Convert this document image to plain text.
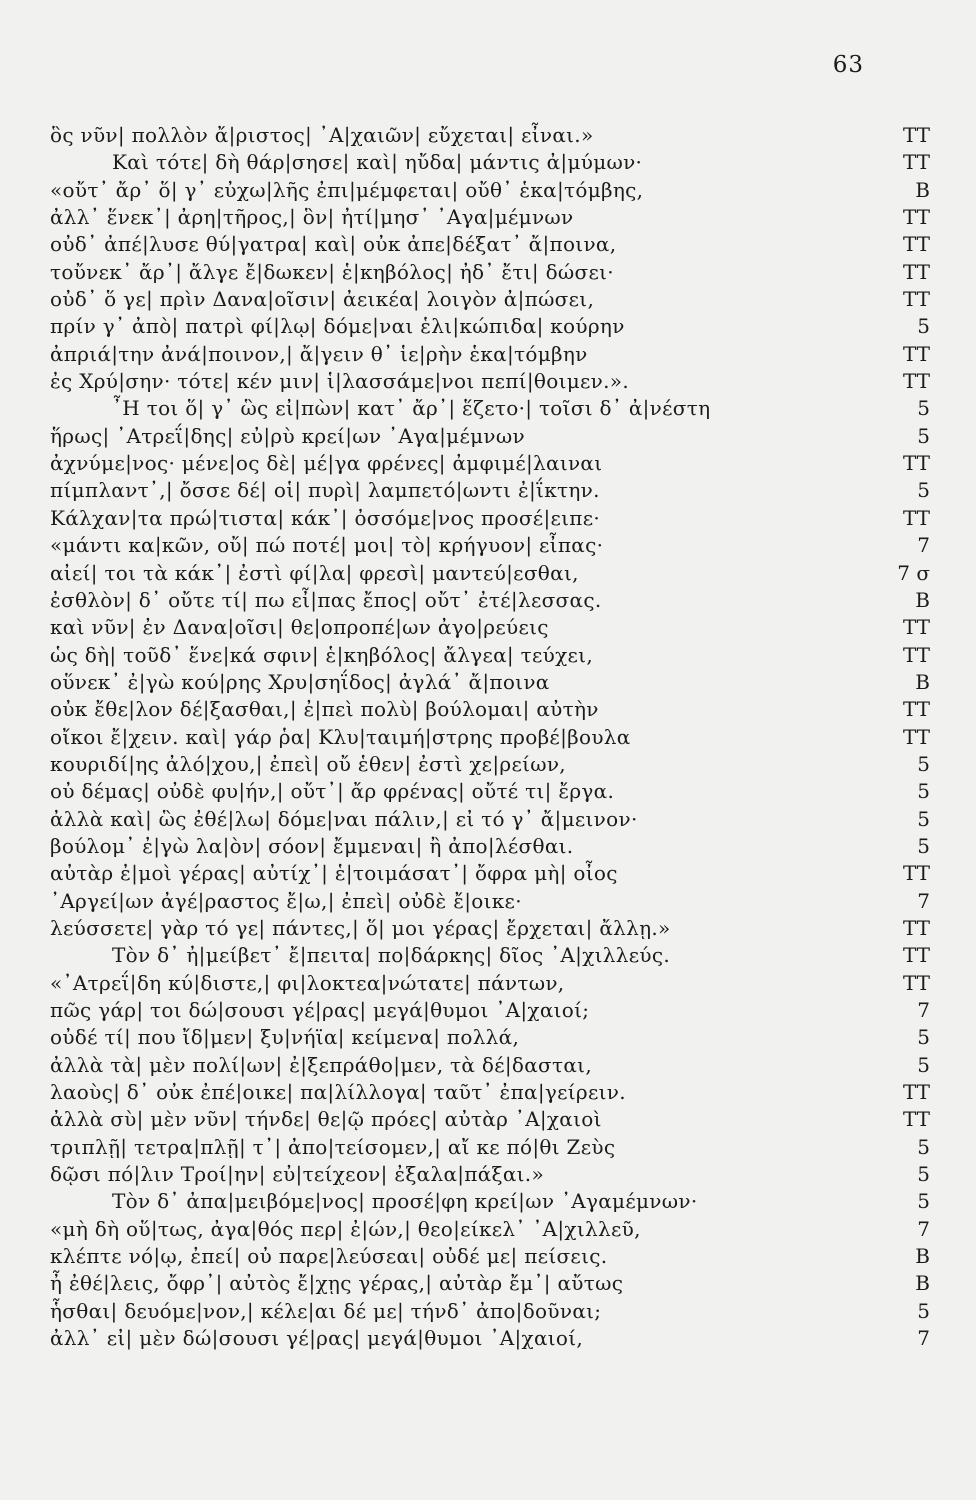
63
ὃς νῦν| πολλὸν ἄ|ριστος| ᾽Α|χαιῶν| εὔχεται| εἶναι.»	TT
Καὶ τότε| δὴ θάρ|σησε| καὶ| ηὔδα| μάντις ἀ|μύμων·	TT
«οὔτ᾽ ἄρ᾽ ὅ| γ᾽ εὐχω|λῆς ἐπι|μέμφεται| οὔθ᾽ ἑκα|τόμβης,	B
ἀλλ᾽ ἕνεκ᾽| ἀρη|τῆρος,| ὃν| ἠτί|μησ᾽ ᾽Αγα|μέμνων	TT
οὐδ᾽ ἀπέ|λυσε θύ|γατρα| καὶ| οὐκ ἀπε|δέξατ᾽ ἄ|ποινα,	TT
τοὔνεκ᾽ ἄρ᾽| ἄλγε ἔ|δωκεν| ἑ|κηβόλος| ἠδ᾽ ἔτι| δώσει·	TT
οὐδ᾽ ὅ γε| πρὶν Δανα|οῖσιν| ἀεικέα| λοιγὸν ἀ|πώσει,	TT
πρίν γ᾽ ἀπὸ| πατρὶ φί|λῳ| δόμε|ναι ἑλι|κώπιδα| κούρην	5
ἀπριά|την ἀνά|ποινον,| ἄ|γειν θ᾽ ἱε|ρὴν ἑκα|τόμβην	TT
ἐς Χρύ|σην· τότε| κέν μιν| ἱ|λασσάμε|νοι πεπί|θοιμεν.».	TT
῏Η τοι ὅ| γ᾽ ὣς εἰ|πὼν| κατ᾽ ἄρ᾽| ἕζετο·| τοῖσι δ᾽ ἀ|νέστη	5
ἥρως| ᾽Ατρεΐ|δης| εὐ|ρὺ κρεί|ων ᾽Αγα|μέμνων	5
ἀχνύμε|νος· μένε|ος δὲ| μέ|γα φρένες| ἀμφιμέ|λαιναι	TT
πίμπλαντ᾽,| ὄσσε δέ| οἱ| πυρὶ| λαμπετό|ωντι ἐ|ΐκτην.	5
Κάλχαν|τα πρώ|τιστα| κάκ᾽| ὀσσόμε|νος προσέ|ειπε·	TT
«μάντι κα|κῶν, οὔ| πώ ποτέ| μοι| τὸ| κρήγυον| εἶπας·	7
αἰεί| τοι τὰ κάκ᾽| ἐστὶ φί|λα| φρεσὶ| μαντεύ|εσθαι,	7 σ
ἐσθλὸν| δ᾽ οὔτε τί| πω εἶ|πας ἔπος| οὔτ᾽ ἐτέ|λεσσας.	B
καὶ νῦν| ἐν Δανα|οῖσι| θε|οπροπέ|ων ἀγο|ρεύεις	TT
ὡς δὴ| τοῦδ᾽ ἕνε|κά σφιν| ἑ|κηβόλος| ἄλγεα| τεύχει,	TT
οὕνεκ᾽ ἐ|γὼ κού|ρης Χρυ|σηΐδος| ἀγλά᾽ ἄ|ποινα	B
οὐκ ἔθε|λον δέ|ξασθαι,| ἐ|πεὶ πολὺ| βούλομαι| αὐτὴν	TT
οἴκοι ἔ|χειν. καὶ| γάρ ῥα| Κλυ|ταιμή|στρης προβέ|βουλα	TT
κουριδί|ης ἀλό|χου,| ἐπεὶ| οὔ ἑθεν| ἐστὶ χε|ρείων,	5
οὐ δέμας| οὐδὲ φυ|ήν,| οὔτ᾽| ἄρ φρένας| οὔτέ τι| ἔργα.	5
ἀλλὰ καὶ| ὣς ἐθέ|λω| δόμε|ναι πάλιν,| εἰ τό γ᾽ ἄ|μεινον·	5
βούλομ᾽ ἐ|γὼ λα|ὸν| σόον| ἔμμεναι| ἢ ἀπο|λέσθαι.	5
αὐτὰρ ἐ|μοὶ γέρας| αὐτίχ᾽| ἑ|τοιμάσατ᾽| ὄφρα μὴ| οἶος	TT
᾽Αργεί|ων ἀγέ|ραστος ἔ|ω,| ἐπεὶ| οὐδὲ ἔ|οικε·	7
λεύσσετε| γὰρ τό γε| πάντες,| ὅ| μοι γέρας| ἔρχεται| ἄλλῃ.»	TT
Τὸν δ᾽ ἠ|μείβετ᾽ ἔ|πειτα| πο|δάρκης| δῖος ᾽Α|χιλλεύς.	TT
«᾽Ατρεΐ|δη κύ|διστε,| φι|λοκτεα|νώτατε| πάντων,	TT
πῶς γάρ| τοι δώ|σουσι γέ|ρας| μεγά|θυμοι ᾽Α|χαιοί;	7
οὐδέ τί| που ἴδ|μεν| ξυ|νήϊα| κείμενα| πολλά,	5
ἀλλὰ τὰ| μὲν πολί|ων| ἐ|ξεπράθο|μεν, τὰ δέ|δασται,	5
λαοὺς| δ᾽ οὐκ ἐπέ|οικε| πα|λίλλογα| ταῦτ᾽ ἐπα|γείρειν.	TT
ἀλλὰ σὺ| μὲν νῦν| τήνδε| θε|ῷ πρόες| αὐτὰρ ᾽Α|χαιοὶ	TT
τριπλῇ| τετρα|πλῇ| τ᾽| ἀπο|τείσομεν,| αἴ κε πό|θι Ζεὺς	5
δῷσι πό|λιν Τροί|ην| εὐ|τείχεον| ἐξαλα|πάξαι.»	5
Τὸν δ᾽ ἀπα|μειβόμε|νος| προσέ|φη κρεί|ων ᾽Αγαμέμνων·	5
«μὴ δὴ οὕ|τως, ἀγα|θός περ| ἐ|ών,| θεο|είκελ᾽ ᾽Α|χιλλεῦ,	7
κλέπτε νό|ῳ, ἐπεί| οὐ παρε|λεύσεαι| οὐδέ με| πείσεις.	B
ἦ ἐθέ|λεις, ὄφρ᾽| αὐτὸς ἔ|χῃς γέρας,| αὐτὰρ ἔμ᾽| αὔτως	B
ἧσθαι| δευόμε|νον,| κέλε|αι δέ με| τήνδ᾽ ἀπο|δοῦναι;	5
ἀλλ᾽ εἰ| μὲν δώ|σουσι γέ|ρας| μεγά|θυμοι ᾽Α|χαιοί,	7
